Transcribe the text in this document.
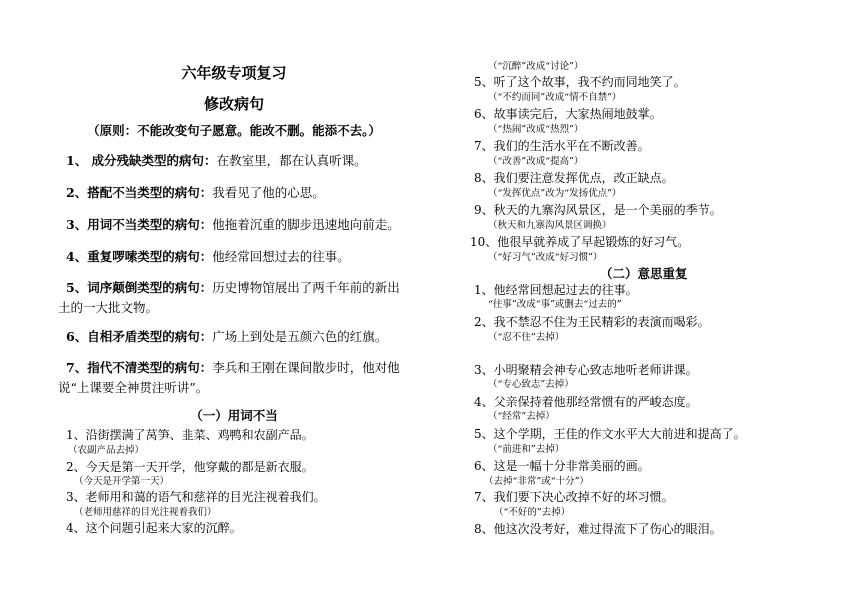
六年级专项复习
修改病句
（原则：不能改变句子愿意。能改不删。能添不去。）
1、 成分残缺类型的病句：在教室里，都在认真听课。
2、搭配不当类型的病句：我看见了他的心思。
3、用词不当类型的病句：他拖着沉重的脚步迅速地向前走。
4、重复啰嗦类型的病句：他经常回想过去的往事。
5、词序颠倒类型的病句：历史博物馆展出了两千年前的新出土的一大批文物。
6、自相矛盾类型的病句：广场上到处是五颜六色的红旗。
7、指代不清类型的病句：李兵和王刚在课间散步时，他对他说“上课要全神贯注听讲”。
（一）用词不当
1、沿街摆满了莴笋、韭菜、鸡鸭和农副产品。
（农副产品去掉）
2、今天是第一天开学，他穿戴的都是新衣服。
（今天是开学第一天）
3、老师用和蔼的语气和慈祥的目光注视着我们。
（老师用慈祥的目光注视着我们）
4、这个问题引起来大家的沉醉。
（“沉醉”改成“讨论”）
5、听了这个故事，我不约而同地笑了。
（“不约而同”改成“情不自禁”）
6、故事读完后，大家热闹地鼓掌。
（“热闹”改成“热烈”）
7、我们的生活水平在不断改善。
（“改善”改成“提高”）
8、我们要注意发挥优点，改正缺点。
（“发挥优点”改为“发扬优点”）
9、秋天的九寨沟风景区，是一个美丽的季节。
（秋天和九寨沟风景区调换）
10、他很早就养成了早起锻炼的好习气。
（“好习气”改成“好习惯”）
（二）意思重复
1、他经常回想起过去的往事。
“往事”改成“事”或删去“过去的”
2、我不禁忍不住为王民精彩的表演而喝彩。
（“忍不住”去掉）
3、小明聚精会神专心致志地听老师讲课。
（“专心致志”去掉）
4、父亲保持着他那经常惯有的严峻态度。
（“经常”去掉）
5、这个学期，王佳的作文水平大大前进和提高了。
（“前进和”去掉）
6、这是一幅十分非常美丽的画。
（去掉“非常”或“十分”）
7、我们要下决心改掉不好的坏习惯。
（“不好的”去掉）
8、他这次没考好，难过得流下了伤心的眼泪。
